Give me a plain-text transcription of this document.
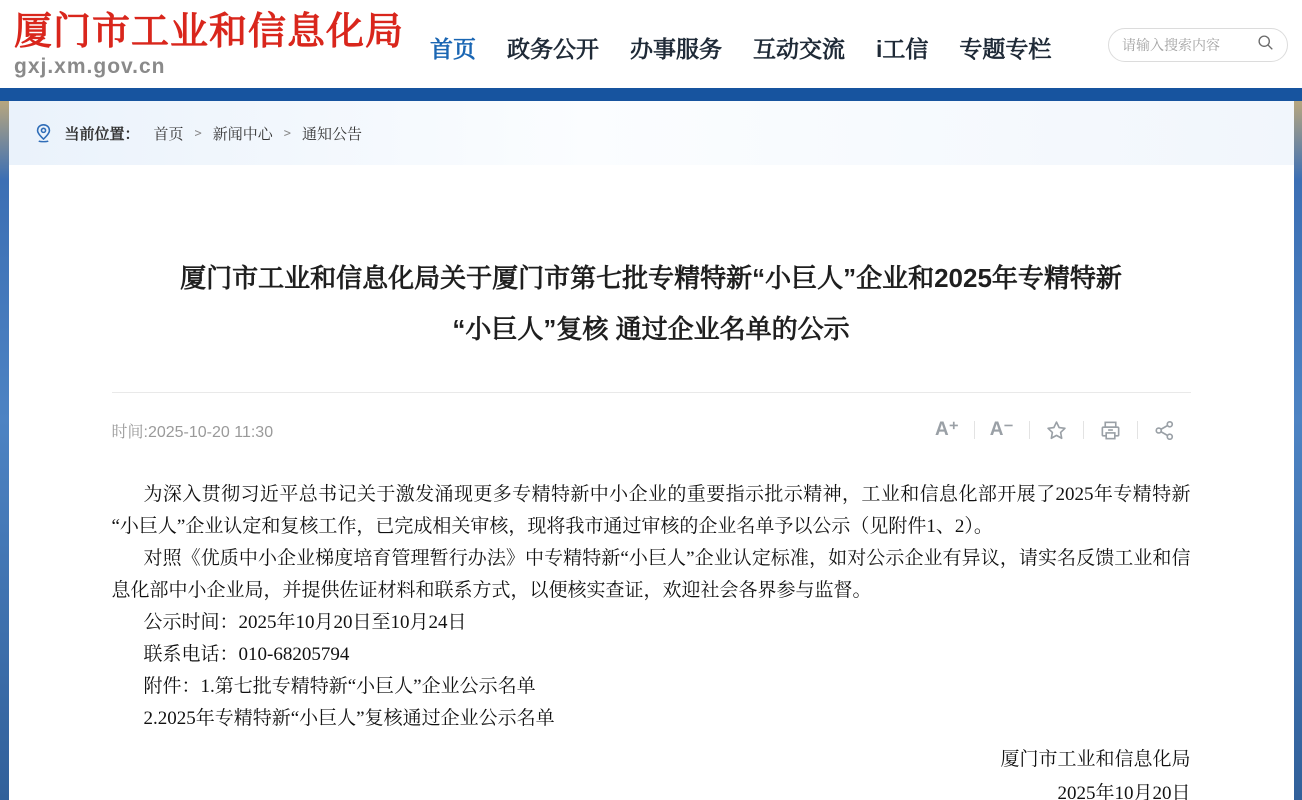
厦门市工业和信息化局
gxj.xm.gov.cn
首页 政务公开 办事服务 互动交流 i工信 专题专栏
请输入搜索内容
当前位置： 首页 > 新闻中心 > 通知公告
厦门市工业和信息化局关于厦门市第七批专精特新“小巨人”企业和2025年专精特新
“小巨人”复核 通过企业名单的公示
时间:2025-10-20 11:30	A⁺	A⁻

为深入贯彻习近平总书记关于激发涌现更多专精特新中小企业的重要指示批示精神，工业和信息化部开展了2025年专精特新“小巨人”企业认定和复核工作，已完成相关审核，现将我市通过审核的企业名单予以公示（见附件1、2）。

对照《优质中小企业梯度培育管理暂行办法》中专精特新“小巨人”企业认定标准，如对公示企业有异议，请实名反馈工业和信息化部中小企业局，并提供佐证材料和联系方式，以便核实查证，欢迎社会各界参与监督。

公示时间：2025年10月20日至10月24日

联系电话：010-68205794

附件：1.第七批专精特新“小巨人”企业公示名单

2.2025年专精特新“小巨人”复核通过企业公示名单

厦门市工业和信息化局
2025年10月20日
